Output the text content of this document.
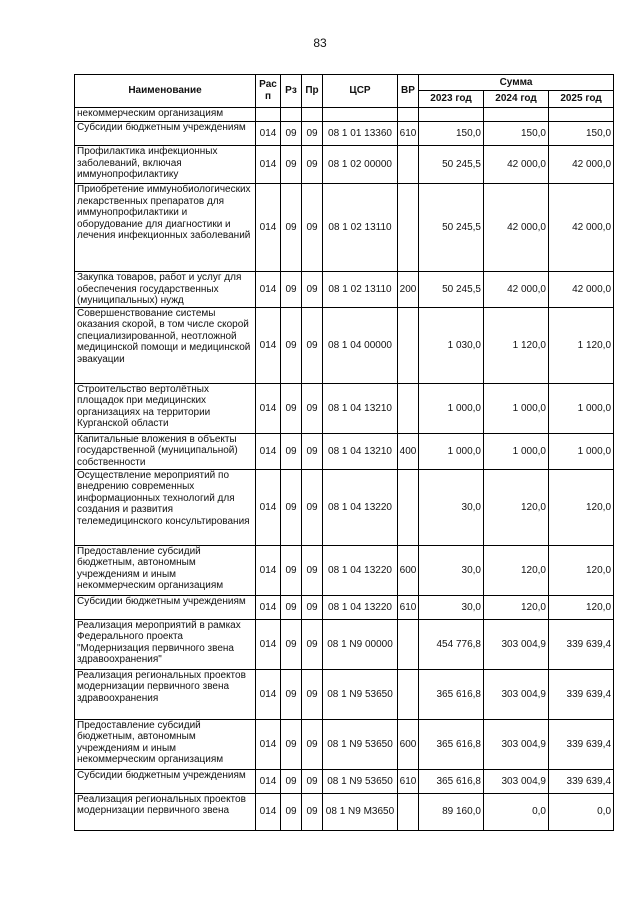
83
Наименование	Рас п	Рз	Пр	ЦСР	ВР	Сумма		
						2023 год	2024 год	2025 год
некоммерческим организациям								
Субсидии бюджетным учреждениям	014	09	09	08 1 01 13360	610	150,0	150,0	150,0
Профилактика инфекционных заболеваний, включая иммунопрофилактику	014	09	09	08 1 02 00000		50 245,5	42 000,0	42 000,0
Приобретение иммунобиологических лекарственных препаратов для иммунопрофилактики и оборудование для диагностики и лечения инфекционных заболеваний	014	09	09	08 1 02 13110		50 245,5	42 000,0	42 000,0
Закупка товаров, работ и услуг для обеспечения государственных (муниципальных) нужд	014	09	09	08 1 02 13110	200	50 245,5	42 000,0	42 000,0
Совершенствование системы оказания скорой, в том числе скорой специализированной, неотложной медицинской помощи и медицинской эвакуации	014	09	09	08 1 04 00000		1 030,0	1 120,0	1 120,0
Строительство вертолётных площадок при медицинских организациях на территории Курганской области	014	09	09	08 1 04 13210		1 000,0	1 000,0	1 000,0
Капитальные вложения в объекты государственной (муниципальной) собственности	014	09	09	08 1 04 13210	400	1 000,0	1 000,0	1 000,0
Осуществление мероприятий по внедрению современных информационных технологий для создания и развития телемедицинского консультирования	014	09	09	08 1 04 13220		30,0	120,0	120,0
Предоставление субсидий бюджетным, автономным учреждениям и иным некоммерческим организациям	014	09	09	08 1 04 13220	600	30,0	120,0	120,0
Субсидии бюджетным учреждениям	014	09	09	08 1 04 13220	610	30,0	120,0	120,0
Реализация мероприятий в рамках Федерального проекта "Модернизация первичного звена здравоохранения"	014	09	09	08 1 N9 00000		454 776,8	303 004,9	339 639,4
Реализация региональных проектов модернизации первичного звена здравоохранения	014	09	09	08 1 N9 53650		365 616,8	303 004,9	339 639,4
Предоставление субсидий бюджетным, автономным учреждениям и иным некоммерческим организациям	014	09	09	08 1 N9 53650	600	365 616,8	303 004,9	339 639,4
Субсидии бюджетным учреждениям	014	09	09	08 1 N9 53650	610	365 616,8	303 004,9	339 639,4
Реализация региональных проектов модернизации первичного звена	014	09	09	08 1 N9 М3650		89 160,0	0,0	0,0
